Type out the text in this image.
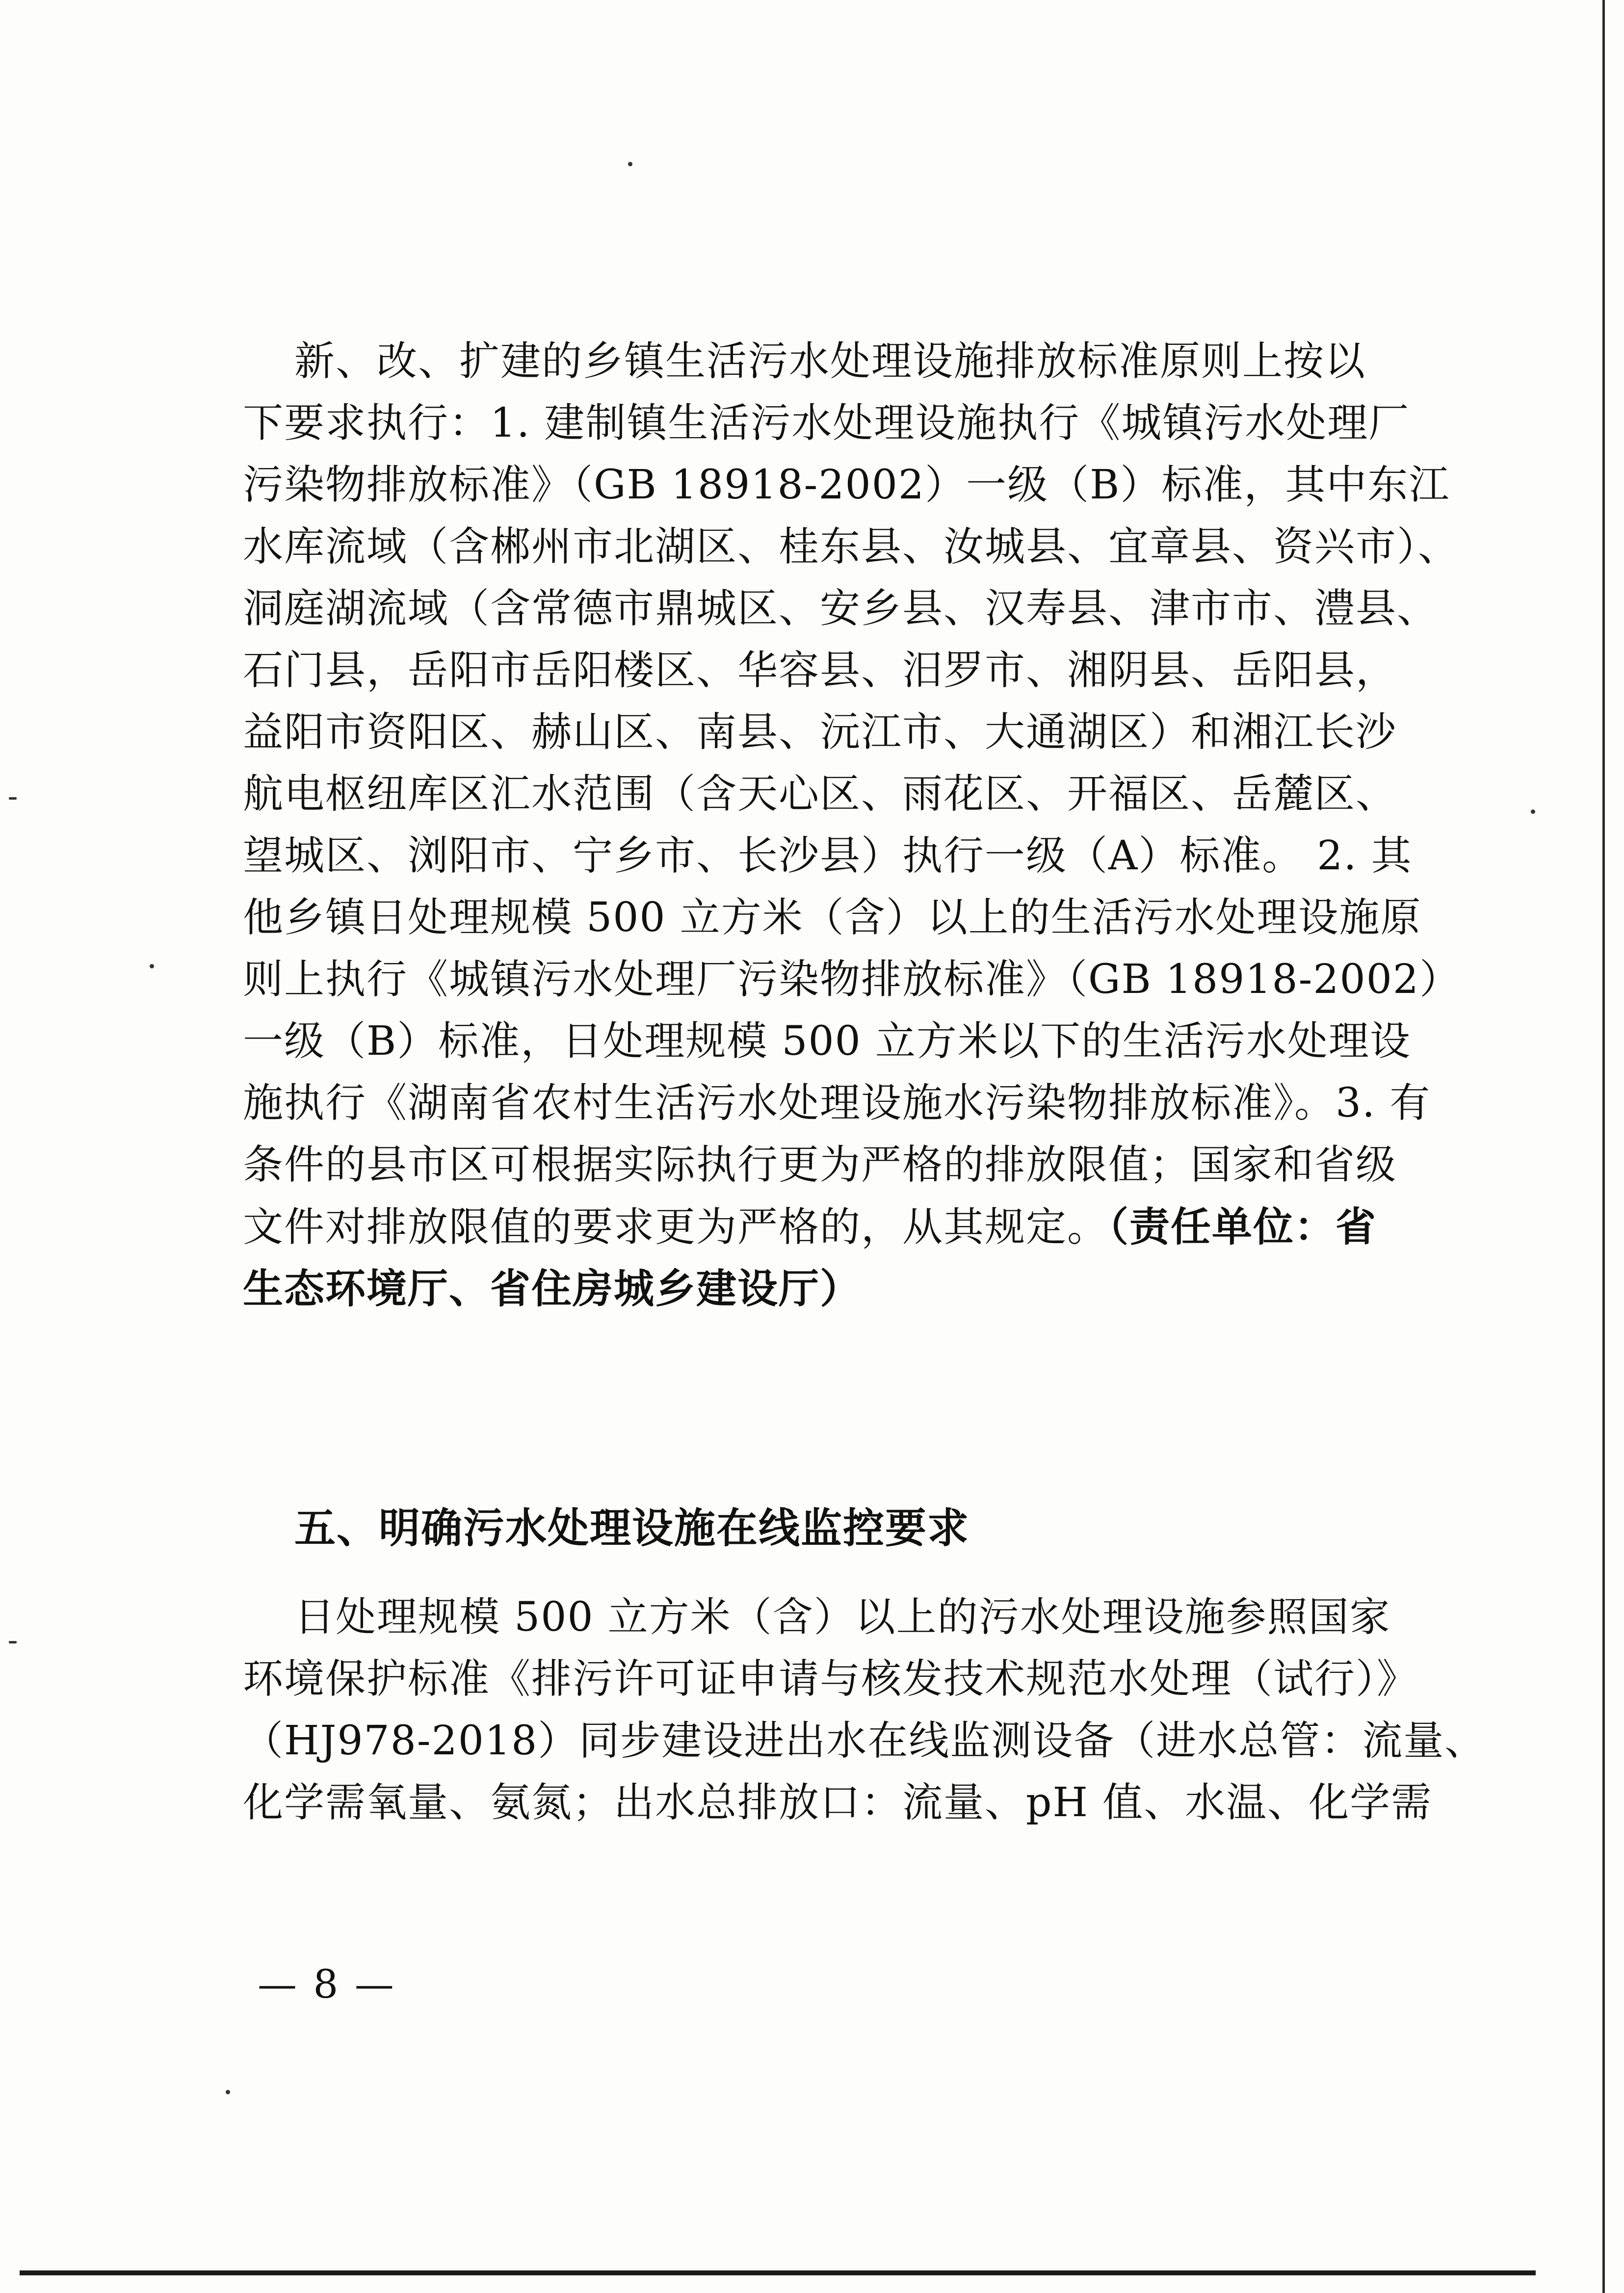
新、改、扩建的乡镇生活污水处理设施排放标准原则上按以
下要求执行：1. 建制镇生活污水处理设施执行《城镇污水处理厂
污染物排放标准》（GB 18918-2002）一级（B）标准，其中东江
水库流域（含郴州市北湖区、桂东县、汝城县、宜章县、资兴市）、
洞庭湖流域（含常德市鼎城区、安乡县、汉寿县、津市市、澧县、
石门县，岳阳市岳阳楼区、华容县、汨罗市、湘阴县、岳阳县，
益阳市资阳区、赫山区、南县、沅江市、大通湖区）和湘江长沙
航电枢纽库区汇水范围（含天心区、雨花区、开福区、岳麓区、
望城区、浏阳市、宁乡市、长沙县）执行一级（A）标准。 2. 其
他乡镇日处理规模 500 立方米（含）以上的生活污水处理设施原
则上执行《城镇污水处理厂污染物排放标准》（GB 18918-2002）
一级（B）标准，日处理规模 500 立方米以下的生活污水处理设
施执行《湖南省农村生活污水处理设施水污染物排放标准》。3. 有
条件的县市区可根据实际执行更为严格的排放限值；国家和省级
文件对排放限值的要求更为严格的，从其规定。（责任单位：省
生态环境厅、省住房城乡建设厅）
五、明确污水处理设施在线监控要求
日处理规模 500 立方米（含）以上的污水处理设施参照国家
环境保护标准《排污许可证申请与核发技术规范水处理（试行）》
（HJ978-2018）同步建设进出水在线监测设备（进水总管：流量、
化学需氧量、氨氮；出水总排放口：流量、pH 值、水温、化学需
— 8 —
